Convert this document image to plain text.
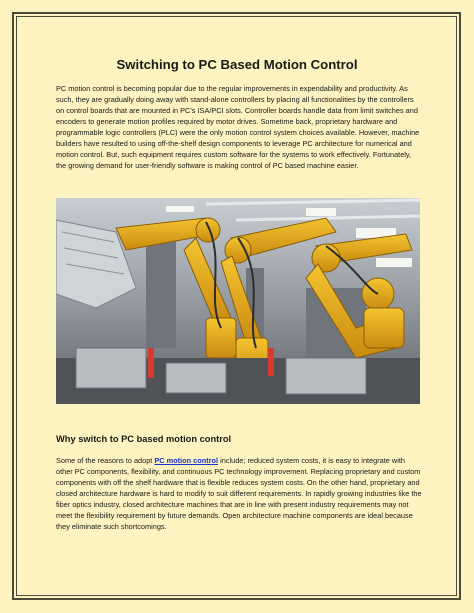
Switching to PC Based Motion Control

PC motion control is becoming popular due to the regular improvements in expendability and productivity. As such, they are gradually doing away with stand-alone controllers by placing all functionalities by the controllers on control boards that are mounted in PC’s ISA/PCI slots. Controller boards handle data from limit switches and encoders to generate motion profiles required by motor drives. Sometime back, proprietary hardware and programmable logic controllers (PLC) were the only motion control system choices available. However, machine builders have resulted to using off-the-shelf design components to leverage PC architecture for numerical and motion control. But, such equipment requires custom software for the systems to work effectively. Fortunately, the growing demand for user-friendly software is making control of PC based machine easier.

Why switch to PC based motion control

Some of the reasons to adopt PC motion control include; reduced system costs, it is easy to integrate with other PC components, flexibility, and continuous PC technology improvement. Replacing proprietary and custom components with off the shelf hardware that is flexible reduces system costs. On the other hand, proprietary and closed architecture hardware is hard to modify to suit different requirements. In rapidly growing industries like the fiber optics industry, closed architecture machines that are in line with present industry requirements may not meet the flexibility requirement by future demands. Open architecture machine components are ideal because they eliminate such shortcomings.
